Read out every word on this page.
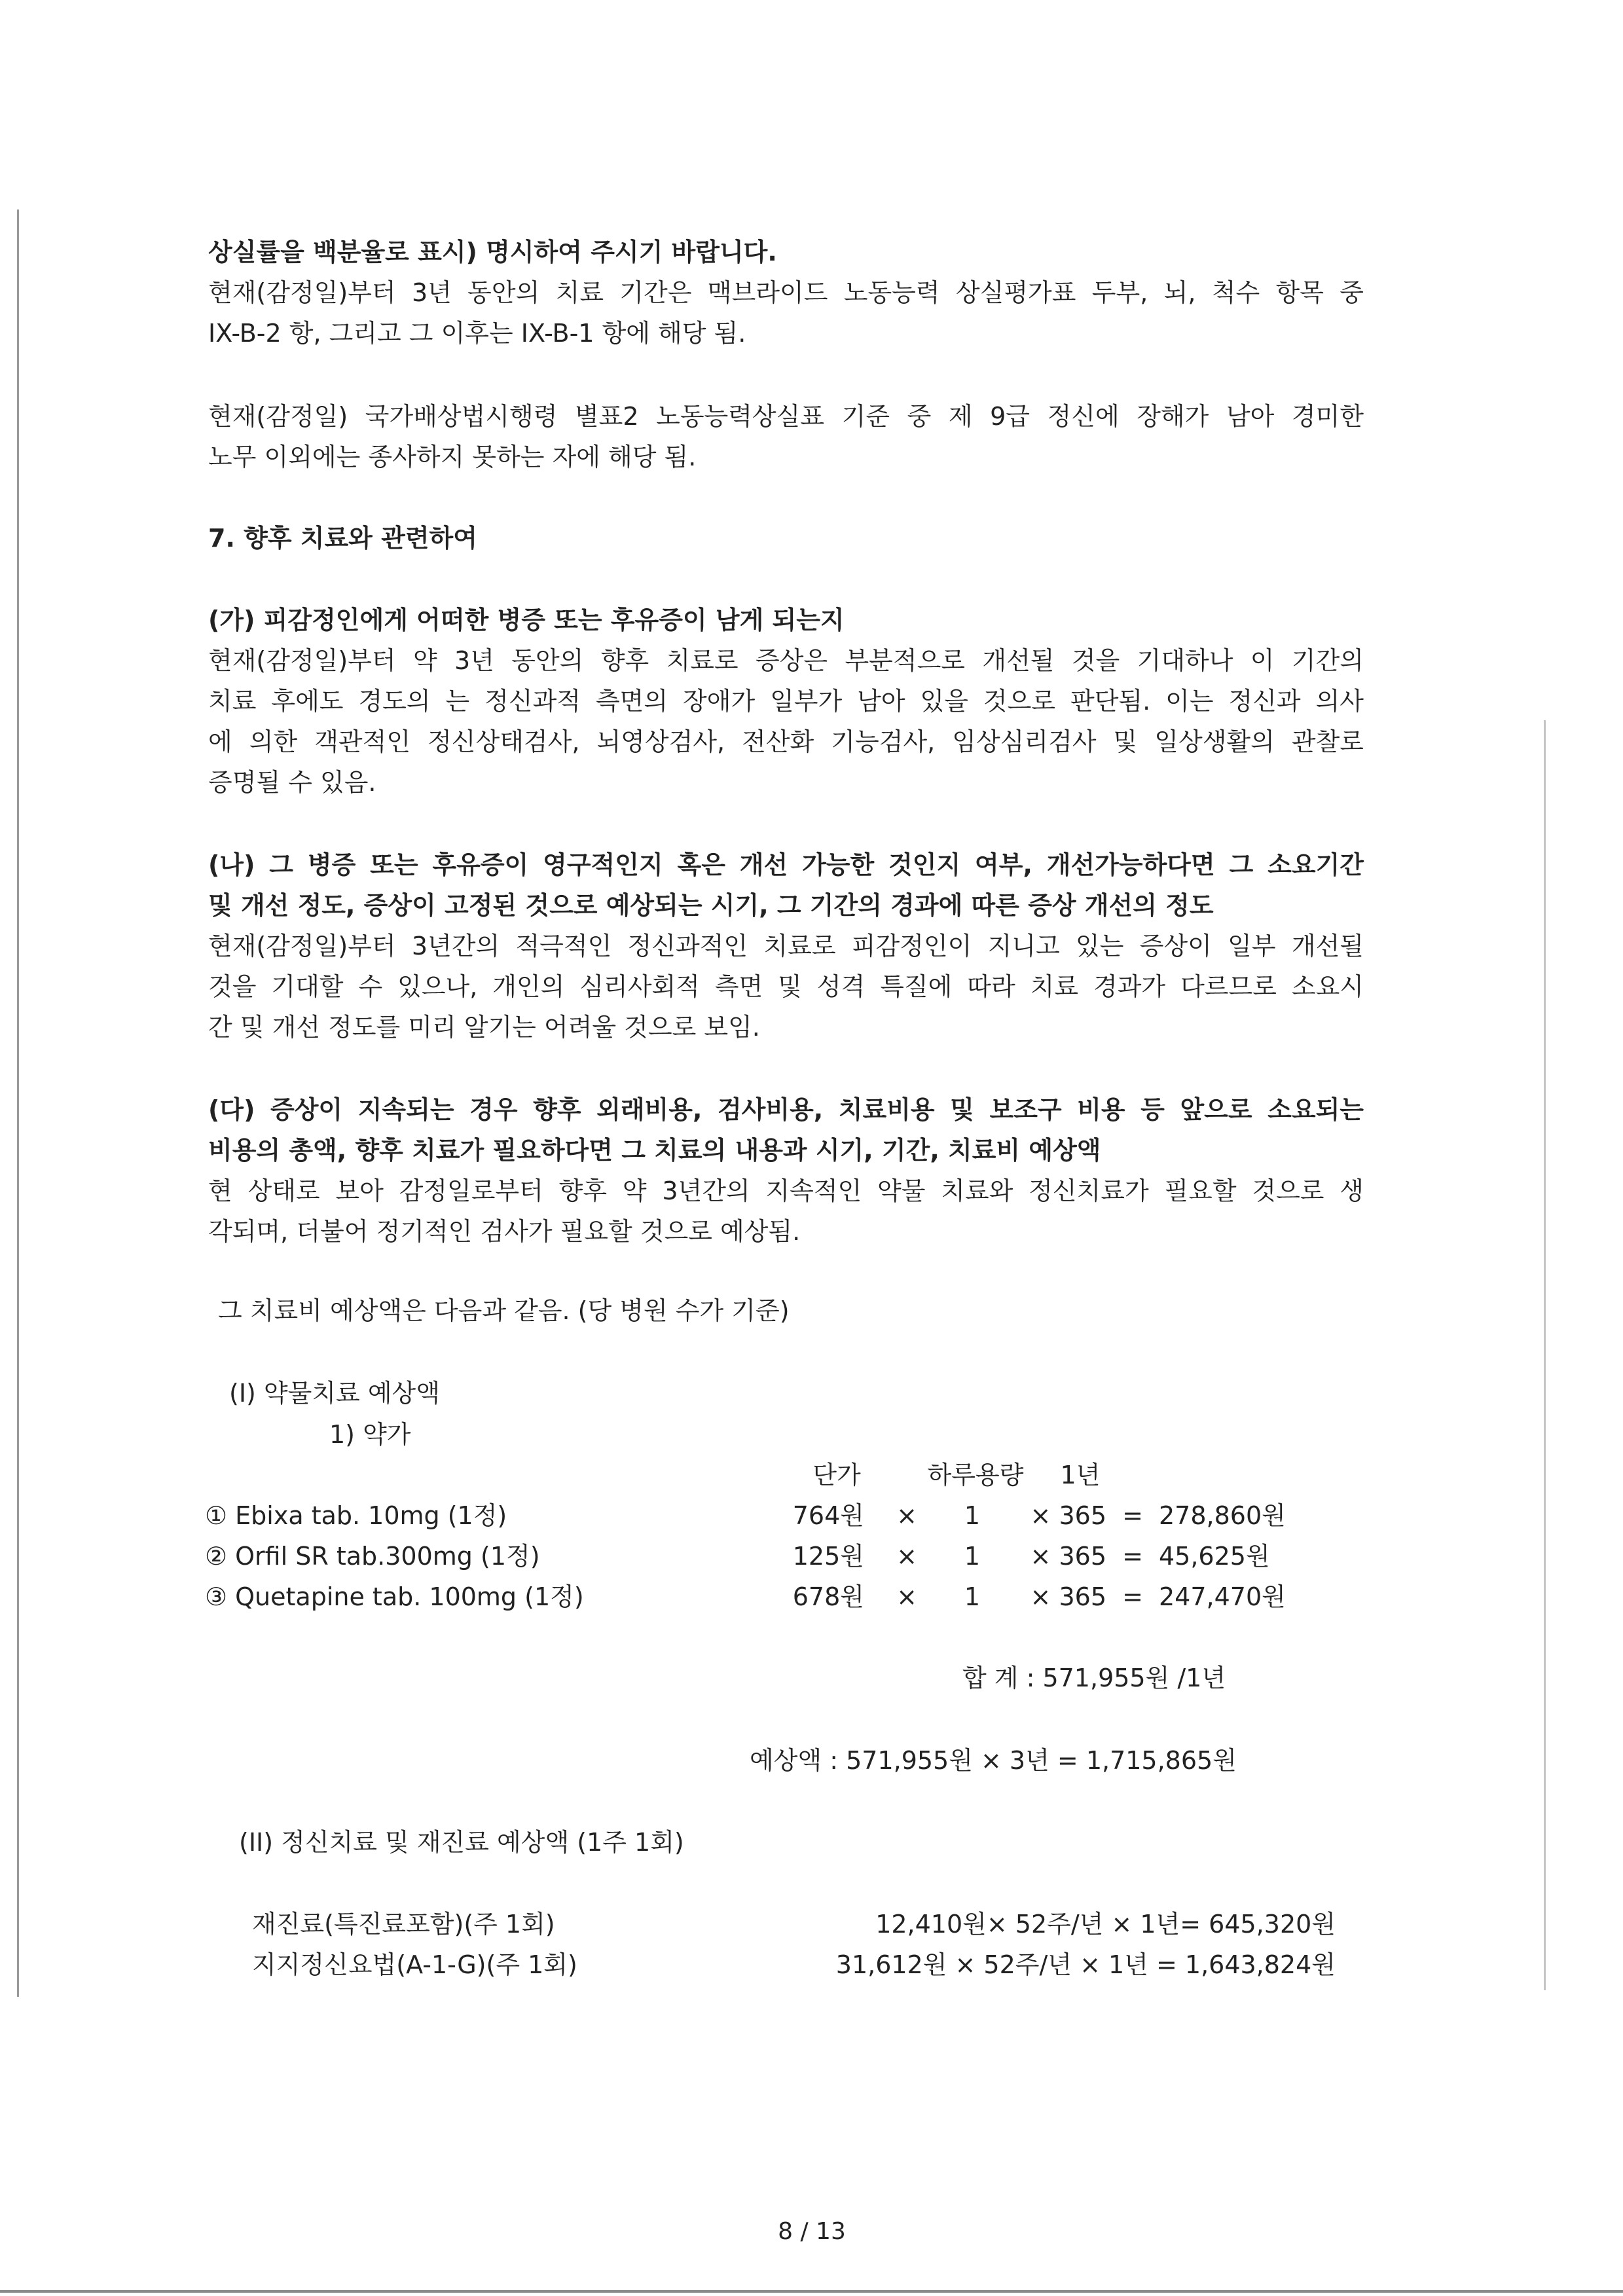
상실률을 백분율로 표시) 명시하여 주시기 바랍니다.
현재(감정일)부터 3년 동안의 치료 기간은 맥브라이드 노동능력 상실평가표 두부, 뇌, 척수 항목 중
IX-B-2 항, 그리고 그 이후는 IX-B-1 항에 해당 됨.
현재(감정일) 국가배상법시행령 별표2 노동능력상실표 기준 중 제 9급 정신에 장해가 남아 경미한
노무 이외에는 종사하지 못하는 자에 해당 됨.
(가) 피감정인에게 어떠한 병증 또는 후유증이 남게 되는지
현재(감정일)부터 약 3년 동안의 향후 치료로 증상은 부분적으로 개선될 것을 기대하나 이 기간의
치료 후에도 경도의 는 정신과적 측면의 장애가 일부가 남아 있을 것으로 판단됨. 이는 정신과 의사
에 의한 객관적인 정신상태검사, 뇌영상검사, 전산화 기능검사, 임상심리검사 및 일상생활의 관찰로
증명될 수 있음.
(나) 그 병증 또는 후유증이 영구적인지 혹은 개선 가능한 것인지 여부, 개선가능하다면 그 소요기간
및 개선 정도, 증상이 고정된 것으로 예상되는 시기, 그 기간의 경과에 따른 증상 개선의 정도
현재(감정일)부터 3년간의 적극적인 정신과적인 치료로 피감정인이 지니고 있는 증상이 일부 개선될
것을 기대할 수 있으나, 개인의 심리사회적 측면 및 성격 특질에 따라 치료 경과가 다르므로 소요시
간 및 개선 정도를 미리 알기는 어려울 것으로 보임.
(다) 증상이 지속되는 경우 향후 외래비용, 검사비용, 치료비용 및 보조구 비용 등 앞으로 소요되는
비용의 총액, 향후 치료가 필요하다면 그 치료의 내용과 시기, 기간, 치료비 예상액
현 상태로 보아 감정일로부터 향후 약 3년간의 지속적인 약물 치료와 정신치료가 필요할 것으로 생
각되며, 더불어 정기적인 검사가 필요할 것으로 예상됨.
7. 향후 치료와 관련하여
그 치료비 예상액은 다음과 같음. (당 병원 수가 기준)
(Ⅰ) 약물치료 예상액
1) 약가
단가	하루용량	1년
① Ebixa tab. 10mg (1정)	764원	×	1	× 365 = 278,860원
② Orfil SR tab.300mg (1정)	125원	×	1	× 365 = 45,625원
③ Quetapine tab. 100mg (1정)	678원	×	1	× 365 = 247,470원
합 계 : 571,955원 /1년
예상액 : 571,955원 × 3년 = 1,715,865원
(II) 정신치료 및 재진료 예상액 (1주 1회)
재진료(특진료포함)(주 1회)	12,410원× 52주/년 × 1년= 645,320원
지지정신요법(A-1-G)(주 1회)	31,612원 × 52주/년 × 1년 = 1,643,824원
8 / 13
